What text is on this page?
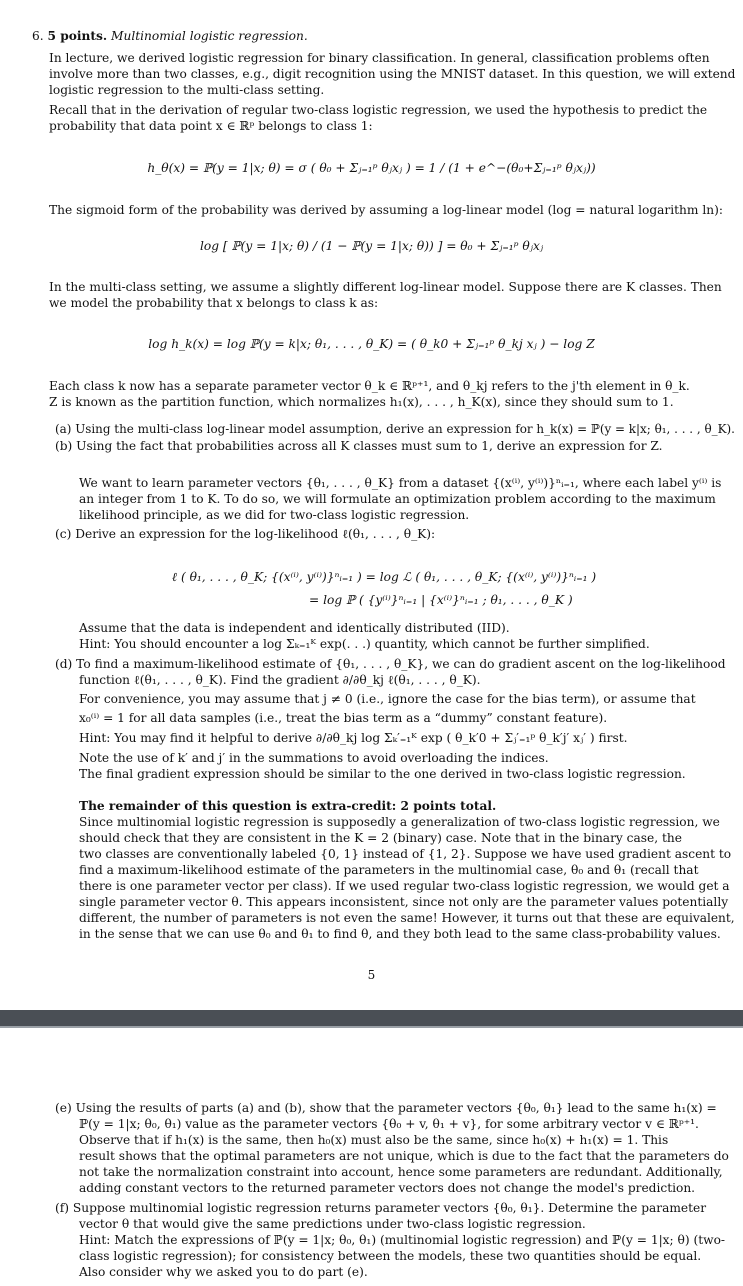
6. 5 points. Multinomial logistic regression.
In lecture, we derived logistic regression for binary classification. In general, classification problems often
involve more than two classes, e.g., digit recognition using the MNIST dataset. In this question, we will extend
logistic regression to the multi-class setting.
Recall that in the derivation of regular two-class logistic regression, we used the hypothesis to predict the
probability that data point x ∈ ℝᵖ belongs to class 1:
h_θ(x) = ℙ(y = 1|x; θ) = σ ( θ₀ + Σⱼ₌₁ᵖ θⱼxⱼ ) = 1 / (1 + e^−(θ₀+Σⱼ₌₁ᵖ θⱼxⱼ))
The sigmoid form of the probability was derived by assuming a log-linear model (log = natural logarithm ln):
log [ ℙ(y = 1|x; θ) / (1 − ℙ(y = 1|x; θ)) ] = θ₀ + Σⱼ₌₁ᵖ θⱼxⱼ
In the multi-class setting, we assume a slightly different log-linear model. Suppose there are K classes. Then
we model the probability that x belongs to class k as:
log h_k(x) = log ℙ(y = k|x; θ₁, . . . , θ_K) = ( θ_k0 + Σⱼ₌₁ᵖ θ_kj xⱼ ) − log Z
Each class k now has a separate parameter vector θ_k ∈ ℝᵖ⁺¹, and θ_kj refers to the j'th element in θ_k.
Z is known as the partition function, which normalizes h₁(x), . . . , h_K(x), since they should sum to 1.
(a) Using the multi-class log-linear model assumption, derive an expression for h_k(x) = ℙ(y = k|x; θ₁, . . . , θ_K).
(b) Using the fact that probabilities across all K classes must sum to 1, derive an expression for Z.
We want to learn parameter vectors {θ₁, . . . , θ_K} from a dataset {(x⁽ⁱ⁾, y⁽ⁱ⁾)}ⁿᵢ₌₁, where each label y⁽ⁱ⁾ is
an integer from 1 to K. To do so, we will formulate an optimization problem according to the maximum
likelihood principle, as we did for two-class logistic regression.
(c) Derive an expression for the log-likelihood ℓ(θ₁, . . . , θ_K):
ℓ ( θ₁, . . . , θ_K; {(x⁽ⁱ⁾, y⁽ⁱ⁾)}ⁿᵢ₌₁ ) = log ℒ ( θ₁, . . . , θ_K; {(x⁽ⁱ⁾, y⁽ⁱ⁾)}ⁿᵢ₌₁ )
= log ℙ ( {y⁽ⁱ⁾}ⁿᵢ₌₁ | {x⁽ⁱ⁾}ⁿᵢ₌₁ ; θ₁, . . . , θ_K )
Assume that the data is independent and identically distributed (IID).
Hint: You should encounter a log Σₖ₌₁ᴷ exp(. . .) quantity, which cannot be further simplified.
(d) To find a maximum-likelihood estimate of {θ₁, . . . , θ_K}, we can do gradient ascent on the log-likelihood
function ℓ(θ₁, . . . , θ_K). Find the gradient ∂/∂θ_kj ℓ(θ₁, . . . , θ_K).
For convenience, you may assume that j ≠ 0 (i.e., ignore the case for the bias term), or assume that
x₀⁽ⁱ⁾ = 1 for all data samples (i.e., treat the bias term as a “dummy” constant feature).
Hint: You may find it helpful to derive ∂/∂θ_kj log Σₖ′₌₁ᴷ exp ( θ_k′0 + Σⱼ′₌₁ᵖ θ_k′j′ xⱼ′ ) first.
Note the use of k′ and j′ in the summations to avoid overloading the indices.
The final gradient expression should be similar to the one derived in two-class logistic regression.
The remainder of this question is extra-credit: 2 points total.
Since multinomial logistic regression is supposedly a generalization of two-class logistic regression, we
should check that they are consistent in the K = 2 (binary) case. Note that in the binary case, the
two classes are conventionally labeled {0, 1} instead of {1, 2}. Suppose we have used gradient ascent to
find a maximum-likelihood estimate of the parameters in the multinomial case, θ₀ and θ₁ (recall that
there is one parameter vector per class). If we used regular two-class logistic regression, we would get a
single parameter vector θ. This appears inconsistent, since not only are the parameter values potentially
different, the number of parameters is not even the same! However, it turns out that these are equivalent,
in the sense that we can use θ₀ and θ₁ to find θ, and they both lead to the same class-probability values.
5
(e) Using the results of parts (a) and (b), show that the parameter vectors {θ₀, θ₁} lead to the same h₁(x) =
ℙ(y = 1|x; θ₀, θ₁) value as the parameter vectors {θ₀ + v, θ₁ + v}, for some arbitrary vector v ∈ ℝᵖ⁺¹.
Observe that if h₁(x) is the same, then h₀(x) must also be the same, since h₀(x) + h₁(x) = 1. This
result shows that the optimal parameters are not unique, which is due to the fact that the parameters do
not take the normalization constraint into account, hence some parameters are redundant. Additionally,
adding constant vectors to the returned parameter vectors does not change the model's prediction.
(f) Suppose multinomial logistic regression returns parameter vectors {θ₀, θ₁}. Determine the parameter
vector θ that would give the same predictions under two-class logistic regression.
Hint: Match the expressions of ℙ(y = 1|x; θ₀, θ₁) (multinomial logistic regression) and ℙ(y = 1|x; θ) (two-
class logistic regression); for consistency between the models, these two quantities should be equal.
Also consider why we asked you to do part (e).
